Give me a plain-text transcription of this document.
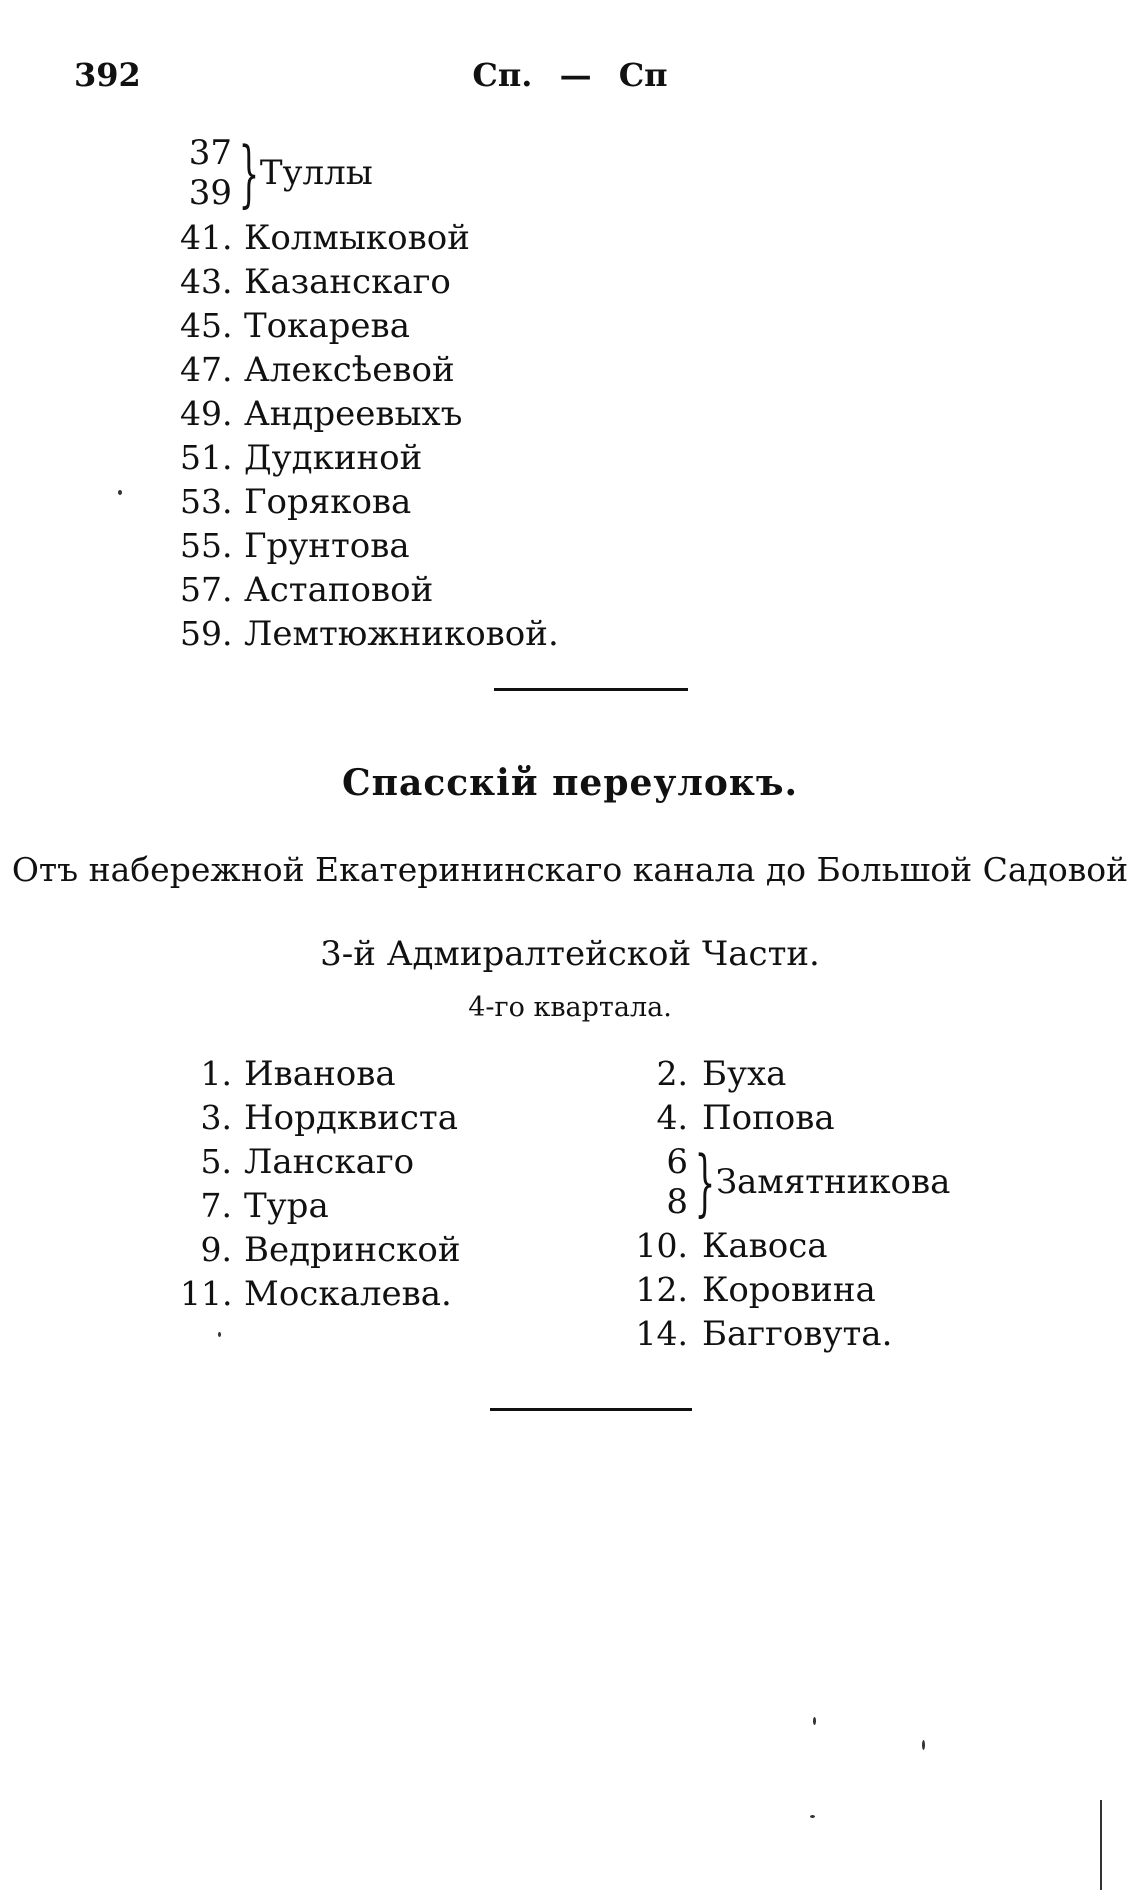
392	Сп. — Сп
37
39 } Туллы
41. Колмыковой
43. Казанскаго
45. Токарева
47. Алексѣевой
49. Андреевыхъ
51. Дудкиной
53. Горякова
55. Грунтова
57. Астаповой
59. Лемтюжниковой.
Спасскій переулокъ.
Отъ набережной Екатерининскаго канала до Большой Садовой
3-й Адмиралтейской Части.
4-го квартала.
1. Иванова
3. Нордквиста
5. Ланскаго
7. Тура
9. Ведринской
11. Москалева.
2. Буха
4. Попова
6
8 } Замятникова
10. Кавоса
12. Коровина
14. Багговута.
